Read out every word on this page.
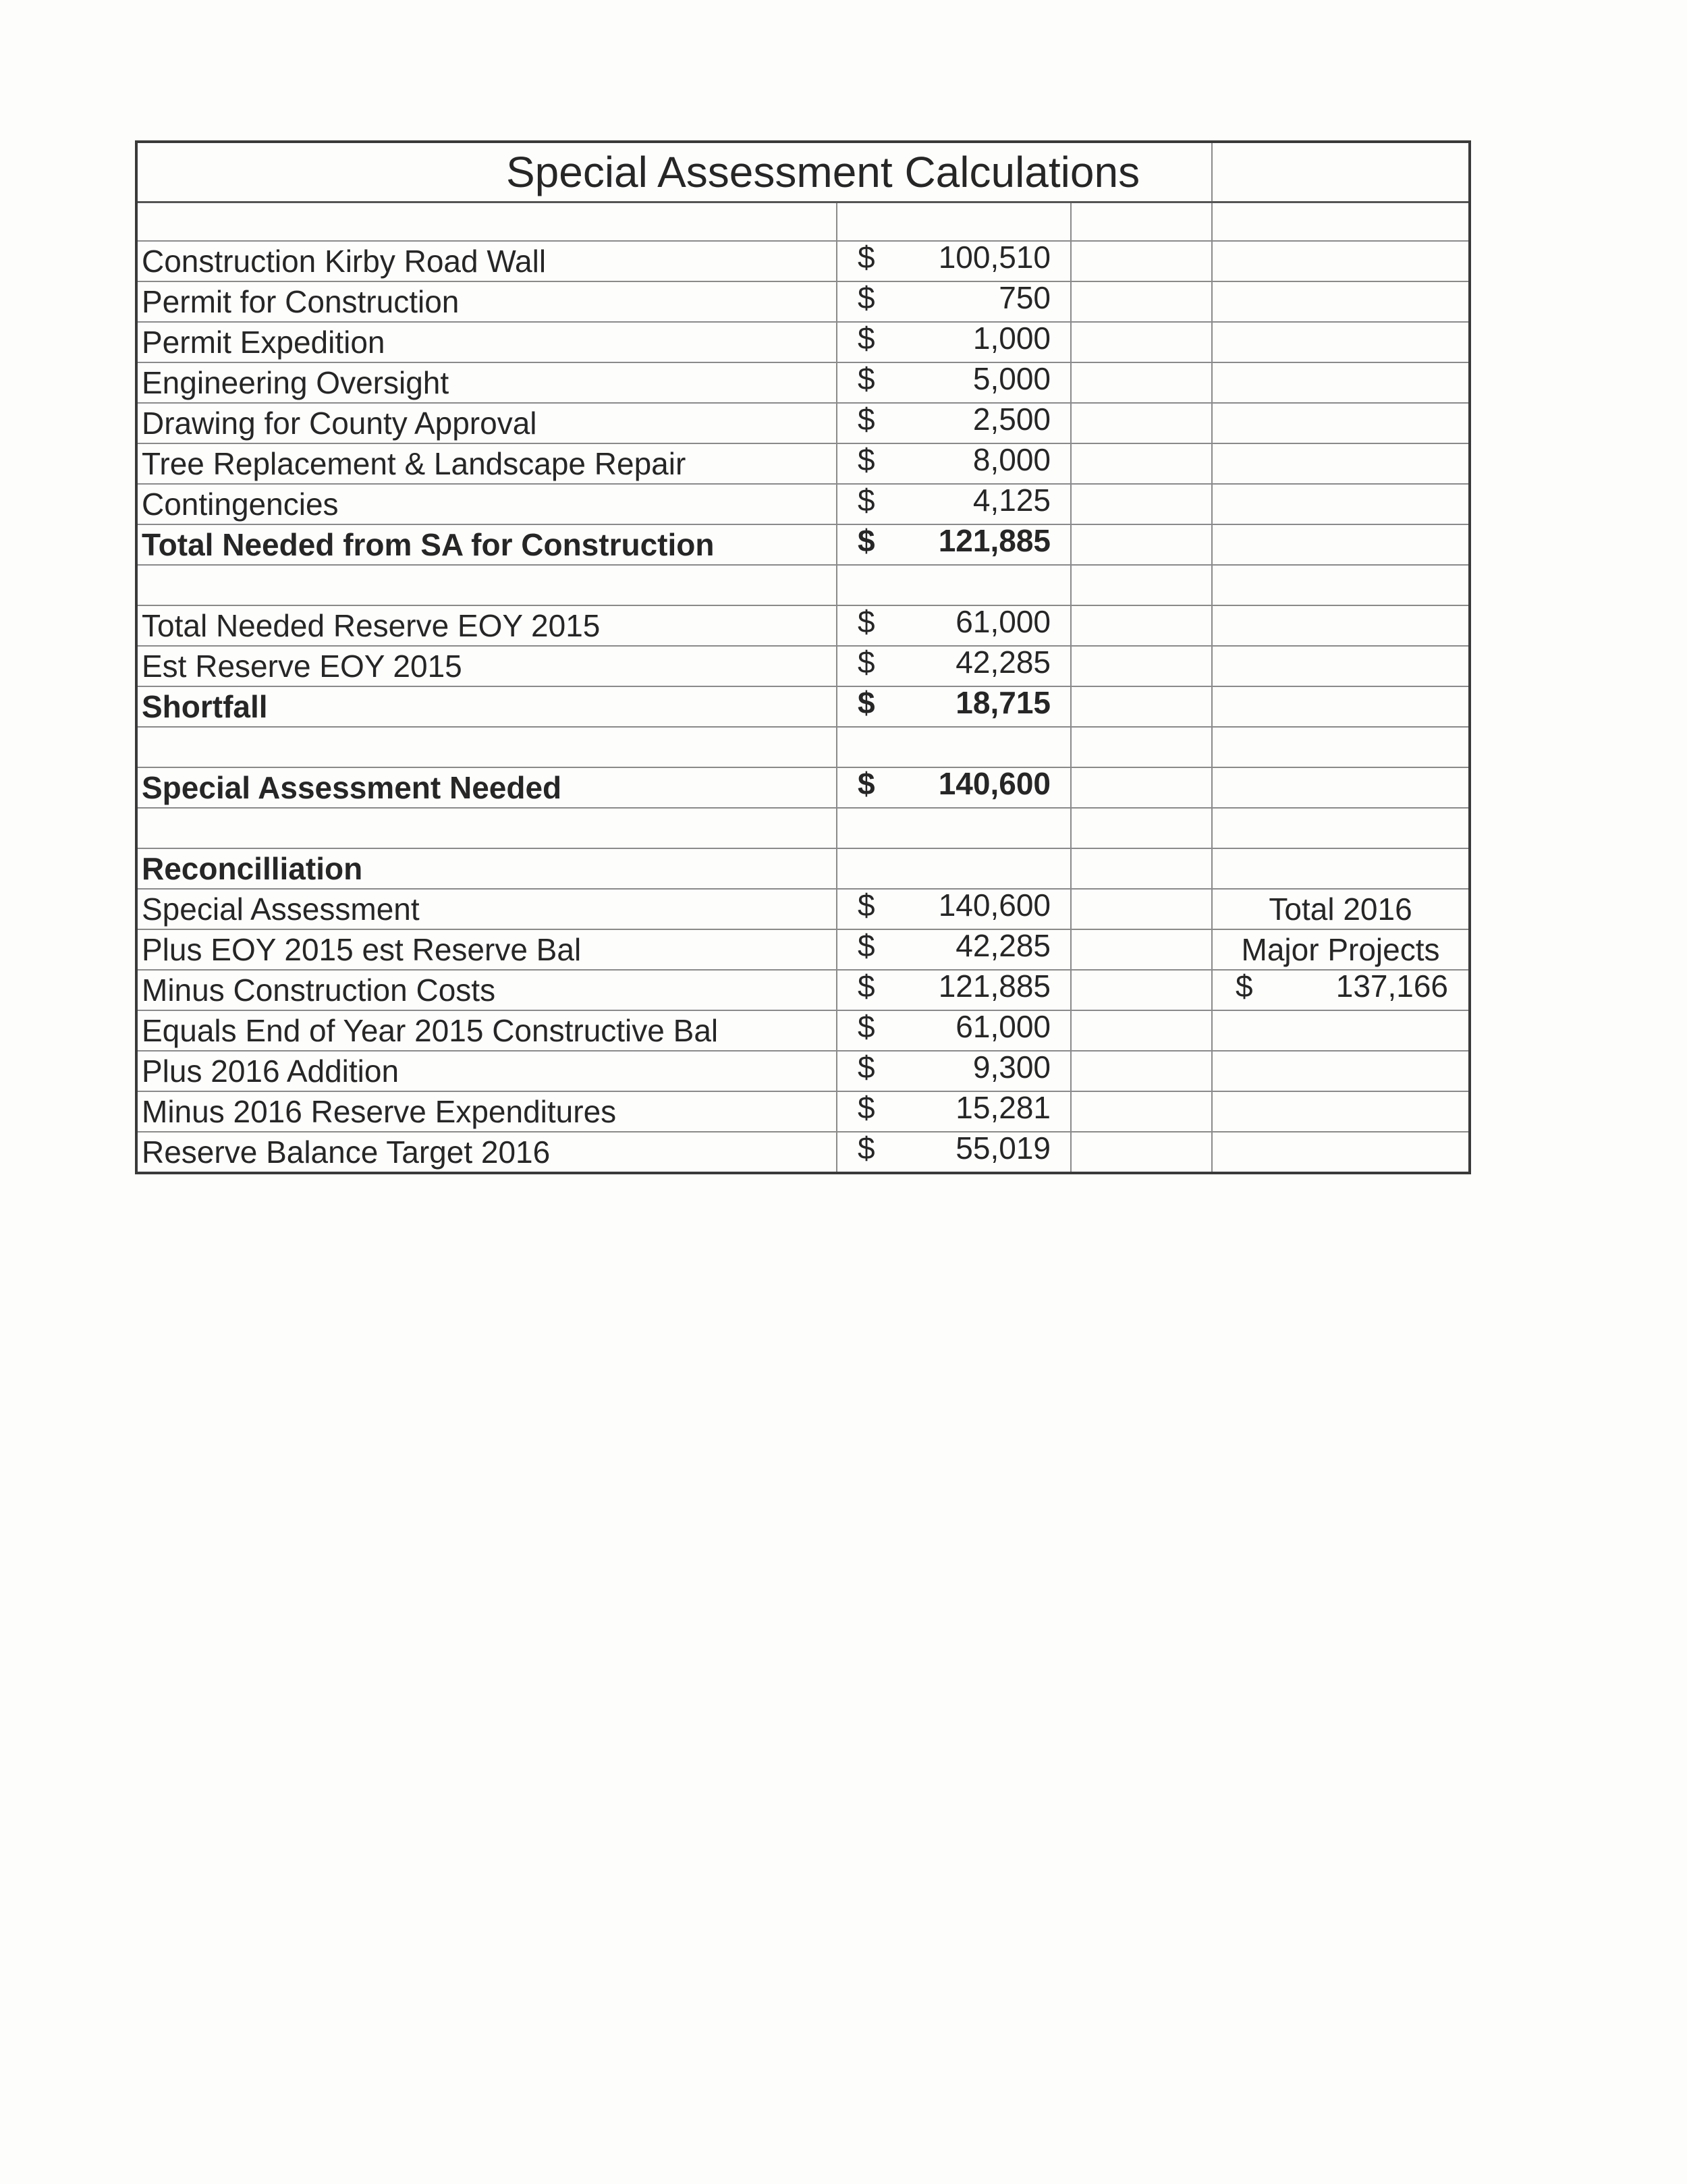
Special Assessment Calculations			

Construction Kirby Road Wall	$ 100,510		

Permit for Construction	$ 750		

Permit Expedition	$ 1,000		

Engineering Oversight	$ 5,000		

Drawing for County Approval	$ 2,500		

Tree Replacement & Landscape Repair	$ 8,000		

Contingencies	$ 4,125		

Total Needed from SA for Construction	$ 121,885		

Total Needed Reserve EOY 2015	$ 61,000		

Est Reserve EOY 2015	$ 42,285		

Shortfall	$ 18,715		

Special Assessment Needed	$ 140,600		

Reconcilliation	

Special Assessment	$ 140,600		Total 2016
Plus EOY 2015 est Reserve Bal	$ 42,285		Major Projects
Minus Construction Costs	$ 121,885		$ 137,166

Equals End of Year 2015 Constructive Bal	$ 61,000		

Plus 2016 Addition	$ 9,300		

Minus 2016 Reserve Expenditures	$ 15,281		

Reserve Balance Target 2016	$ 55,019		
